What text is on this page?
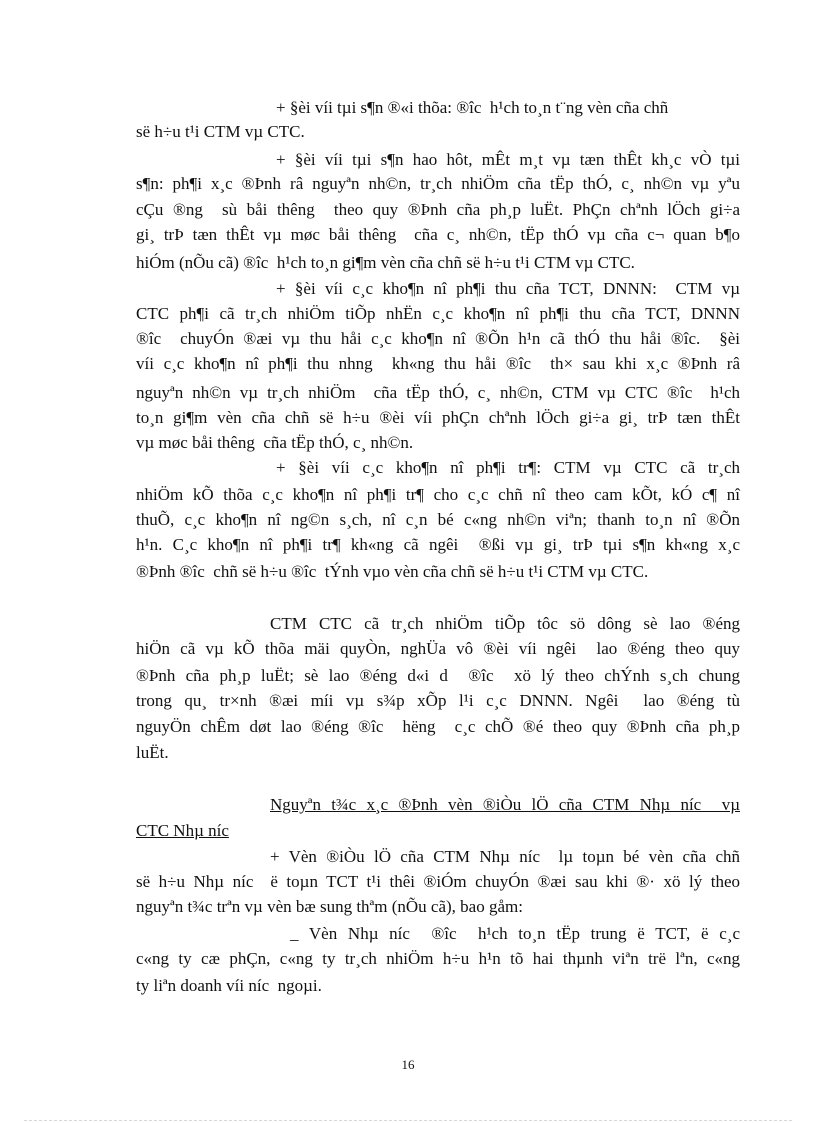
+ §èi víi tµi s¶n ®«i thõa: ®îc  h¹ch to¸n t¨ng vèn cña chñ
së h÷u t¹i CTM vµ CTC.
+ §èi víi tµi s¶n hao hôt, mÊt m¸t vµ tæn thÊt kh¸c vÒ tµi
s¶n: ph¶i x¸c ®Þnh râ nguyªn nh©n, tr¸ch nhiÖm cña tËp thÓ, c¸ nh©n vµ yªu
cÇu ®ng  sù båi thêng  theo quy ®Þnh cña ph¸p luËt. PhÇn chªnh lÖch gi÷a
gi¸ trÞ tæn thÊt vµ møc båi thêng  cña c¸ nh©n, tËp thÓ vµ cña c¬ quan b¶o
hiÓm (nÕu cã) ®îc  h¹ch to¸n gi¶m vèn cña chñ së h÷u t¹i CTM vµ CTC.
+ §èi víi c¸c kho¶n nî ph¶i thu cña TCT, DNNN:  CTM vµ
CTC ph¶i cã tr¸ch nhiÖm tiÕp nhËn c¸c kho¶n nî ph¶i thu cña TCT, DNNN
®îc  chuyÓn ®æi vµ thu håi c¸c kho¶n nî ®Õn h¹n cã thÓ thu håi ®îc.  §èi
víi c¸c kho¶n nî ph¶i thu nhng  kh«ng thu håi ®îc  th× sau khi x¸c ®Þnh râ
nguyªn nh©n vµ tr¸ch nhiÖm  cña tËp thÓ, c¸ nh©n, CTM vµ CTC ®îc  h¹ch
to¸n gi¶m vèn cña chñ së h÷u ®èi víi phÇn chªnh lÖch gi÷a gi¸ trÞ tæn thÊt
vµ møc båi thêng  cña tËp thÓ, c¸ nh©n.
+ §èi víi c¸c kho¶n nî ph¶i tr¶: CTM vµ CTC cã tr¸ch
nhiÖm kÕ thõa c¸c kho¶n nî ph¶i tr¶ cho c¸c chñ nî theo cam kÕt, kÓ c¶ nî
thuÕ, c¸c kho¶n nî ng©n s¸ch, nî c¸n bé c«ng nh©n viªn; thanh to¸n nî ®Õn
h¹n. C¸c kho¶n nî ph¶i tr¶ kh«ng cã ngêi  ®ßi vµ gi¸ trÞ tµi s¶n kh«ng x¸c
®Þnh ®îc  chñ së h÷u ®îc  tÝnh vµo vèn cña chñ së h÷u t¹i CTM vµ CTC.
CTM CTC cã tr¸ch nhiÖm tiÕp tôc sö dông sè lao ®éng
hiÖn cã vµ kÕ thõa mäi quyÒn, nghÜa vô ®èi víi ngêi  lao ®éng theo quy
®Þnh cña ph¸p luËt; sè lao ®éng d«i d  ®îc  xö lý theo chÝnh s¸ch chung
trong qu¸ tr×nh ®æi míi vµ s¾p xÕp l¹i c¸c DNNN. Ngêi  lao ®éng tù
nguyÖn chÊm døt lao ®éng ®îc  hëng  c¸c chÕ ®é theo quy ®Þnh cña ph¸p
luËt.
Nguyªn t¾c x¸c ®Þnh vèn ®iÒu lÖ cña CTM Nhµ níc  vµ
CTC Nhµ níc
+ Vèn ®iÒu lÖ cña CTM Nhµ níc  lµ toµn bé vèn cña chñ
së h÷u Nhµ níc  ë toµn TCT t¹i thêi ®iÓm chuyÓn ®æi sau khi ®· xö lý theo
nguyªn t¾c trªn vµ vèn bæ sung thªm (nÕu cã), bao gåm:
_ Vèn Nhµ níc  ®îc  h¹ch to¸n tËp trung ë TCT, ë c¸c
c«ng ty cæ phÇn, c«ng ty tr¸ch nhiÖm h÷u h¹n tõ hai thµnh viªn trë lªn, c«ng
ty liªn doanh víi níc  ngoµi.
16
